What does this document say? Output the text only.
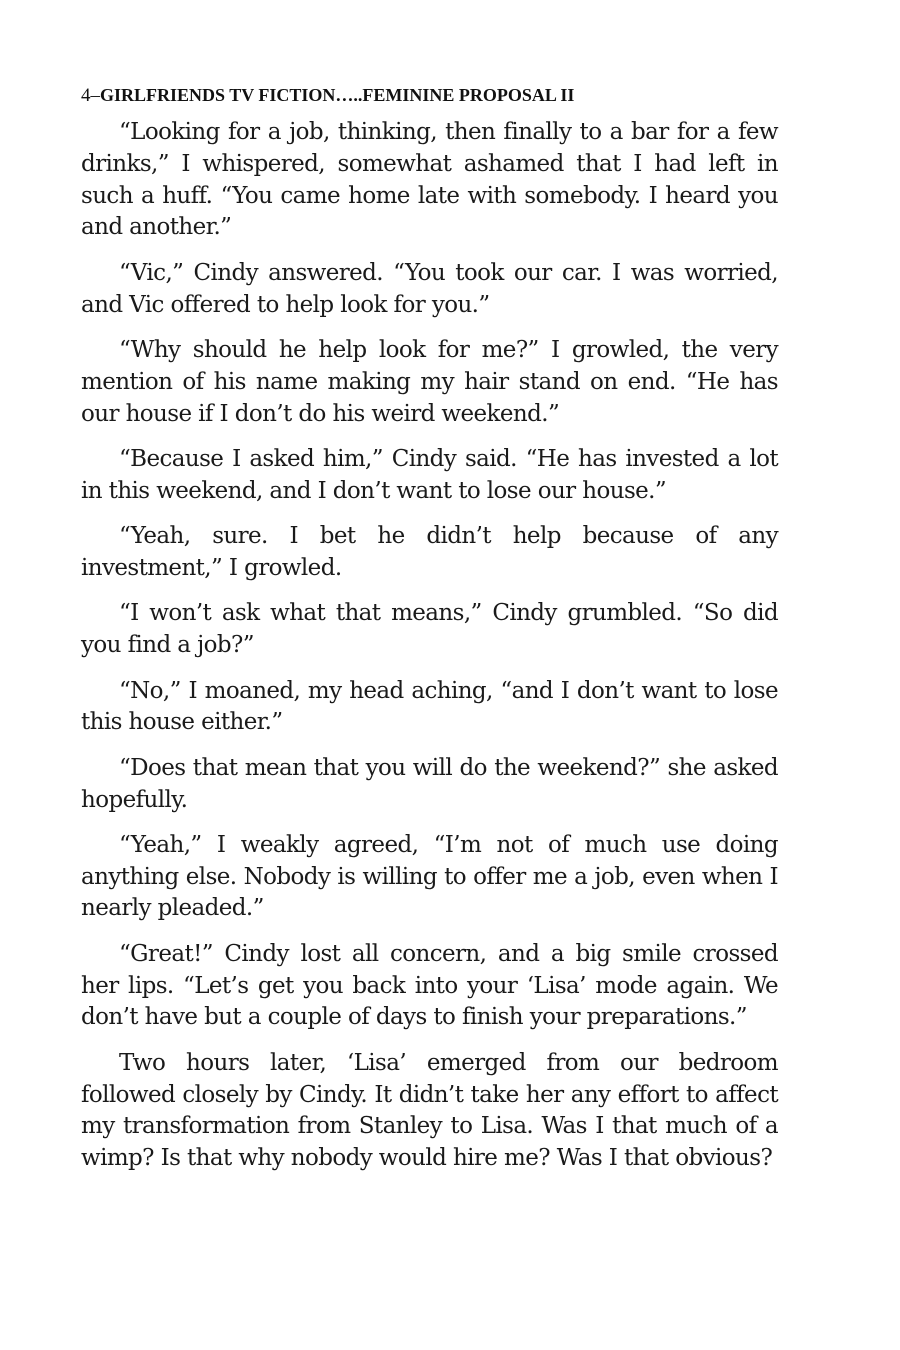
4–GIRLFRIENDS TV FICTION…..FEMININE PROPOSAL II

“Looking for a job, thinking, then finally to a bar for a few drinks,” I whispered, somewhat ashamed that I had left in such a huff. “You came home late with somebody. I heard you and another.”

“Vic,” Cindy answered. “You took our car. I was worried, and Vic offered to help look for you.”

“Why should he help look for me?” I growled, the very mention of his name making my hair stand on end. “He has our house if I don’t do his weird weekend.”

“Because I asked him,” Cindy said. “He has invested a lot in this weekend, and I don’t want to lose our house.”

“Yeah, sure. I bet he didn’t help because of any investment,” I growled.

“I won’t ask what that means,” Cindy grumbled. “So did you find a job?”

“No,” I moaned, my head aching, “and I don’t want to lose this house either.”

“Does that mean that you will do the weekend?” she asked hopefully.

“Yeah,” I weakly agreed, “I’m not of much use doing anything else. Nobody is willing to offer me a job, even when I nearly pleaded.”

“Great!” Cindy lost all concern, and a big smile crossed her lips. “Let’s get you back into your ‘Lisa’ mode again. We don’t have but a couple of days to finish your preparations.”

Two hours later, ‘Lisa’ emerged from our bedroom followed closely by Cindy. It didn’t take her any effort to affect my transformation from Stanley to Lisa. Was I that much of a wimp? Is that why nobody would hire me? Was I that obvious?
